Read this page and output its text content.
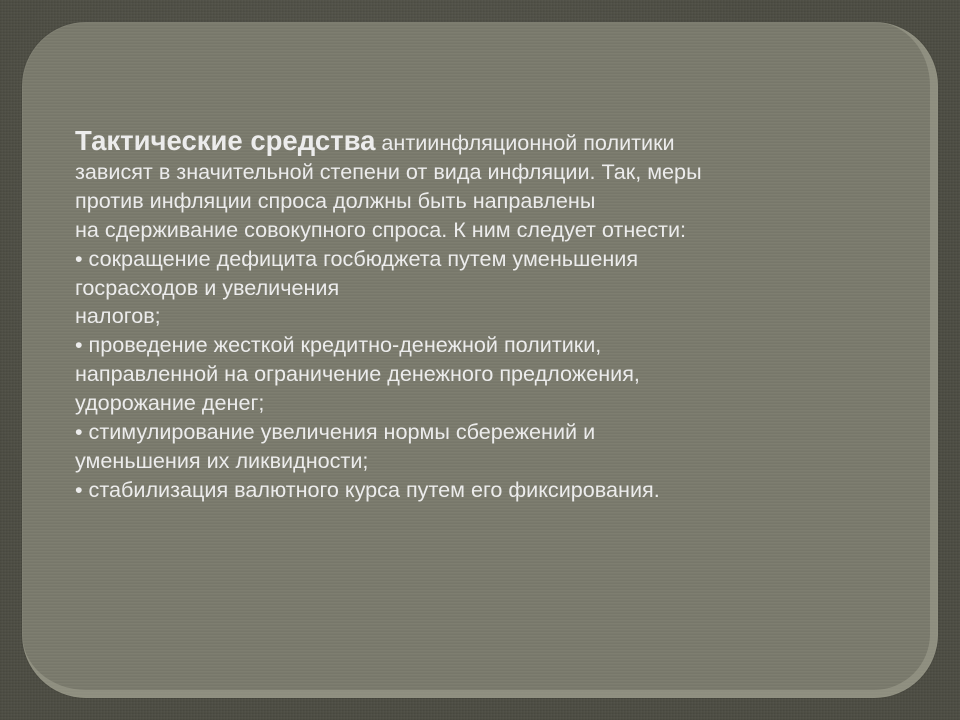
Тактические средства антиинфляционной политики
зависят в значительной степени от вида инфляции. Так, меры
против инфляции спроса должны быть направлены
на сдерживание совокупного спроса. К ним следует отнести:
• сокращение дефицита госбюджета путем уменьшения
госрасходов и увеличения
налогов;
• проведение жесткой кредитно-денежной политики,
направленной на ограничение денежного предложения,
удорожание денег;
• стимулирование увеличения нормы сбережений и
уменьшения их ликвидности;
• стабилизация валютного курса путем его фиксирования.
